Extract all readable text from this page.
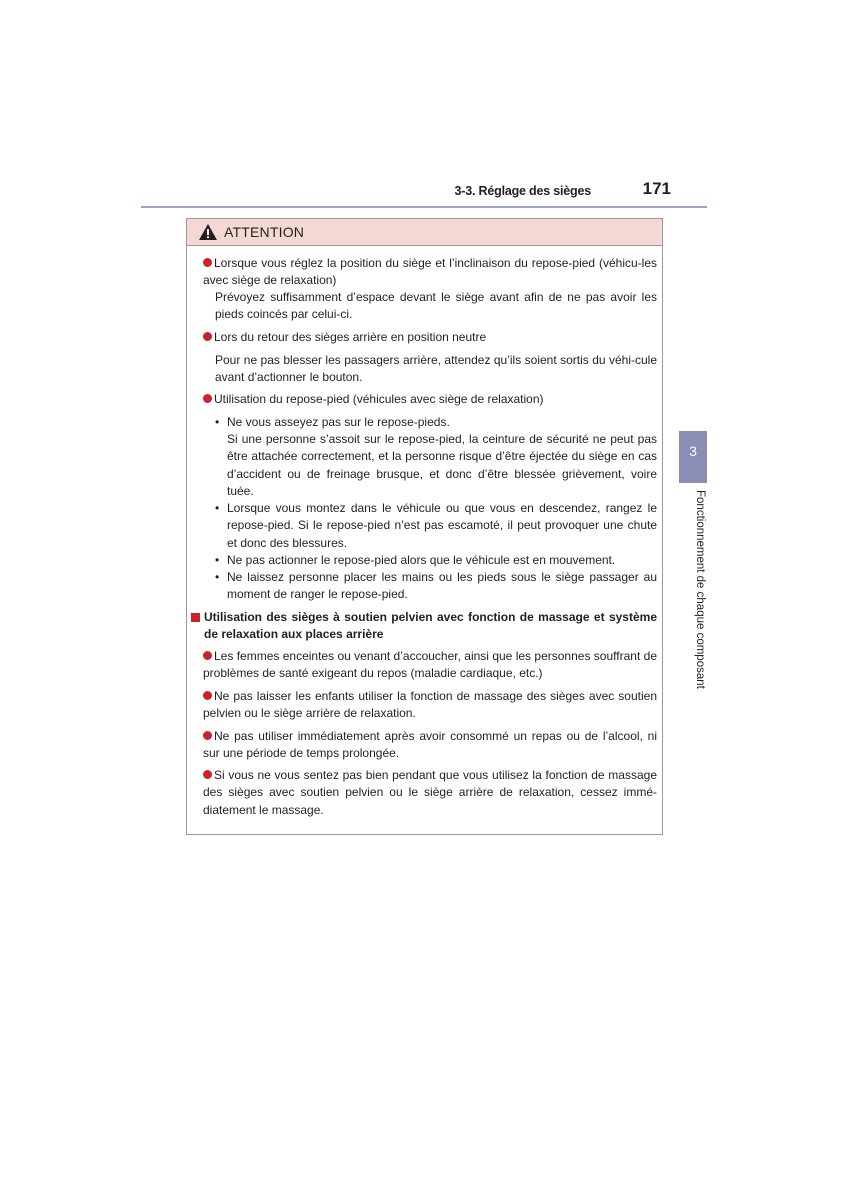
3-3. Réglage des sièges	171
3
Fonctionnement de chaque composant
ATTENTION
Lorsque vous réglez la position du siège et l’inclinaison du repose-pied (véhicu-les avec siège de relaxation)
Prévoyez suffisamment d’espace devant le siège avant afin de ne pas avoir les pieds coincés par celui-ci.
Lors du retour des sièges arrière en position neutre
Pour ne pas blesser les passagers arrière, attendez qu’ils soient sortis du véhi-cule avant d’actionner le bouton.
Utilisation du repose-pied (véhicules avec siège de relaxation)
• Ne vous asseyez pas sur le repose-pieds.
Si une personne s’assoit sur le repose-pied, la ceinture de sécurité ne peut pas être attachée correctement, et la personne risque d’être éjectée du siège en cas d’accident ou de freinage brusque, et donc d’être blessée grièvement, voire tuée.
• Lorsque vous montez dans le véhicule ou que vous en descendez, rangez le repose-pied. Si le repose-pied n’est pas escamoté, il peut provoquer une chute et donc des blessures.
• Ne pas actionner le repose-pied alors que le véhicule est en mouvement.
• Ne laissez personne placer les mains ou les pieds sous le siège passager au moment de ranger le repose-pied.
Utilisation des sièges à soutien pelvien avec fonction de massage et système de relaxation aux places arrière
Les femmes enceintes ou venant d’accoucher, ainsi que les personnes souffrant de problèmes de santé exigeant du repos (maladie cardiaque, etc.)
Ne pas laisser les enfants utiliser la fonction de massage des sièges avec soutien pelvien ou le siège arrière de relaxation.
Ne pas utiliser immédiatement après avoir consommé un repas ou de l’alcool, ni sur une période de temps prolongée.
Si vous ne vous sentez pas bien pendant que vous utilisez la fonction de massage des sièges avec soutien pelvien ou le siège arrière de relaxation, cessez immé-diatement le massage.
